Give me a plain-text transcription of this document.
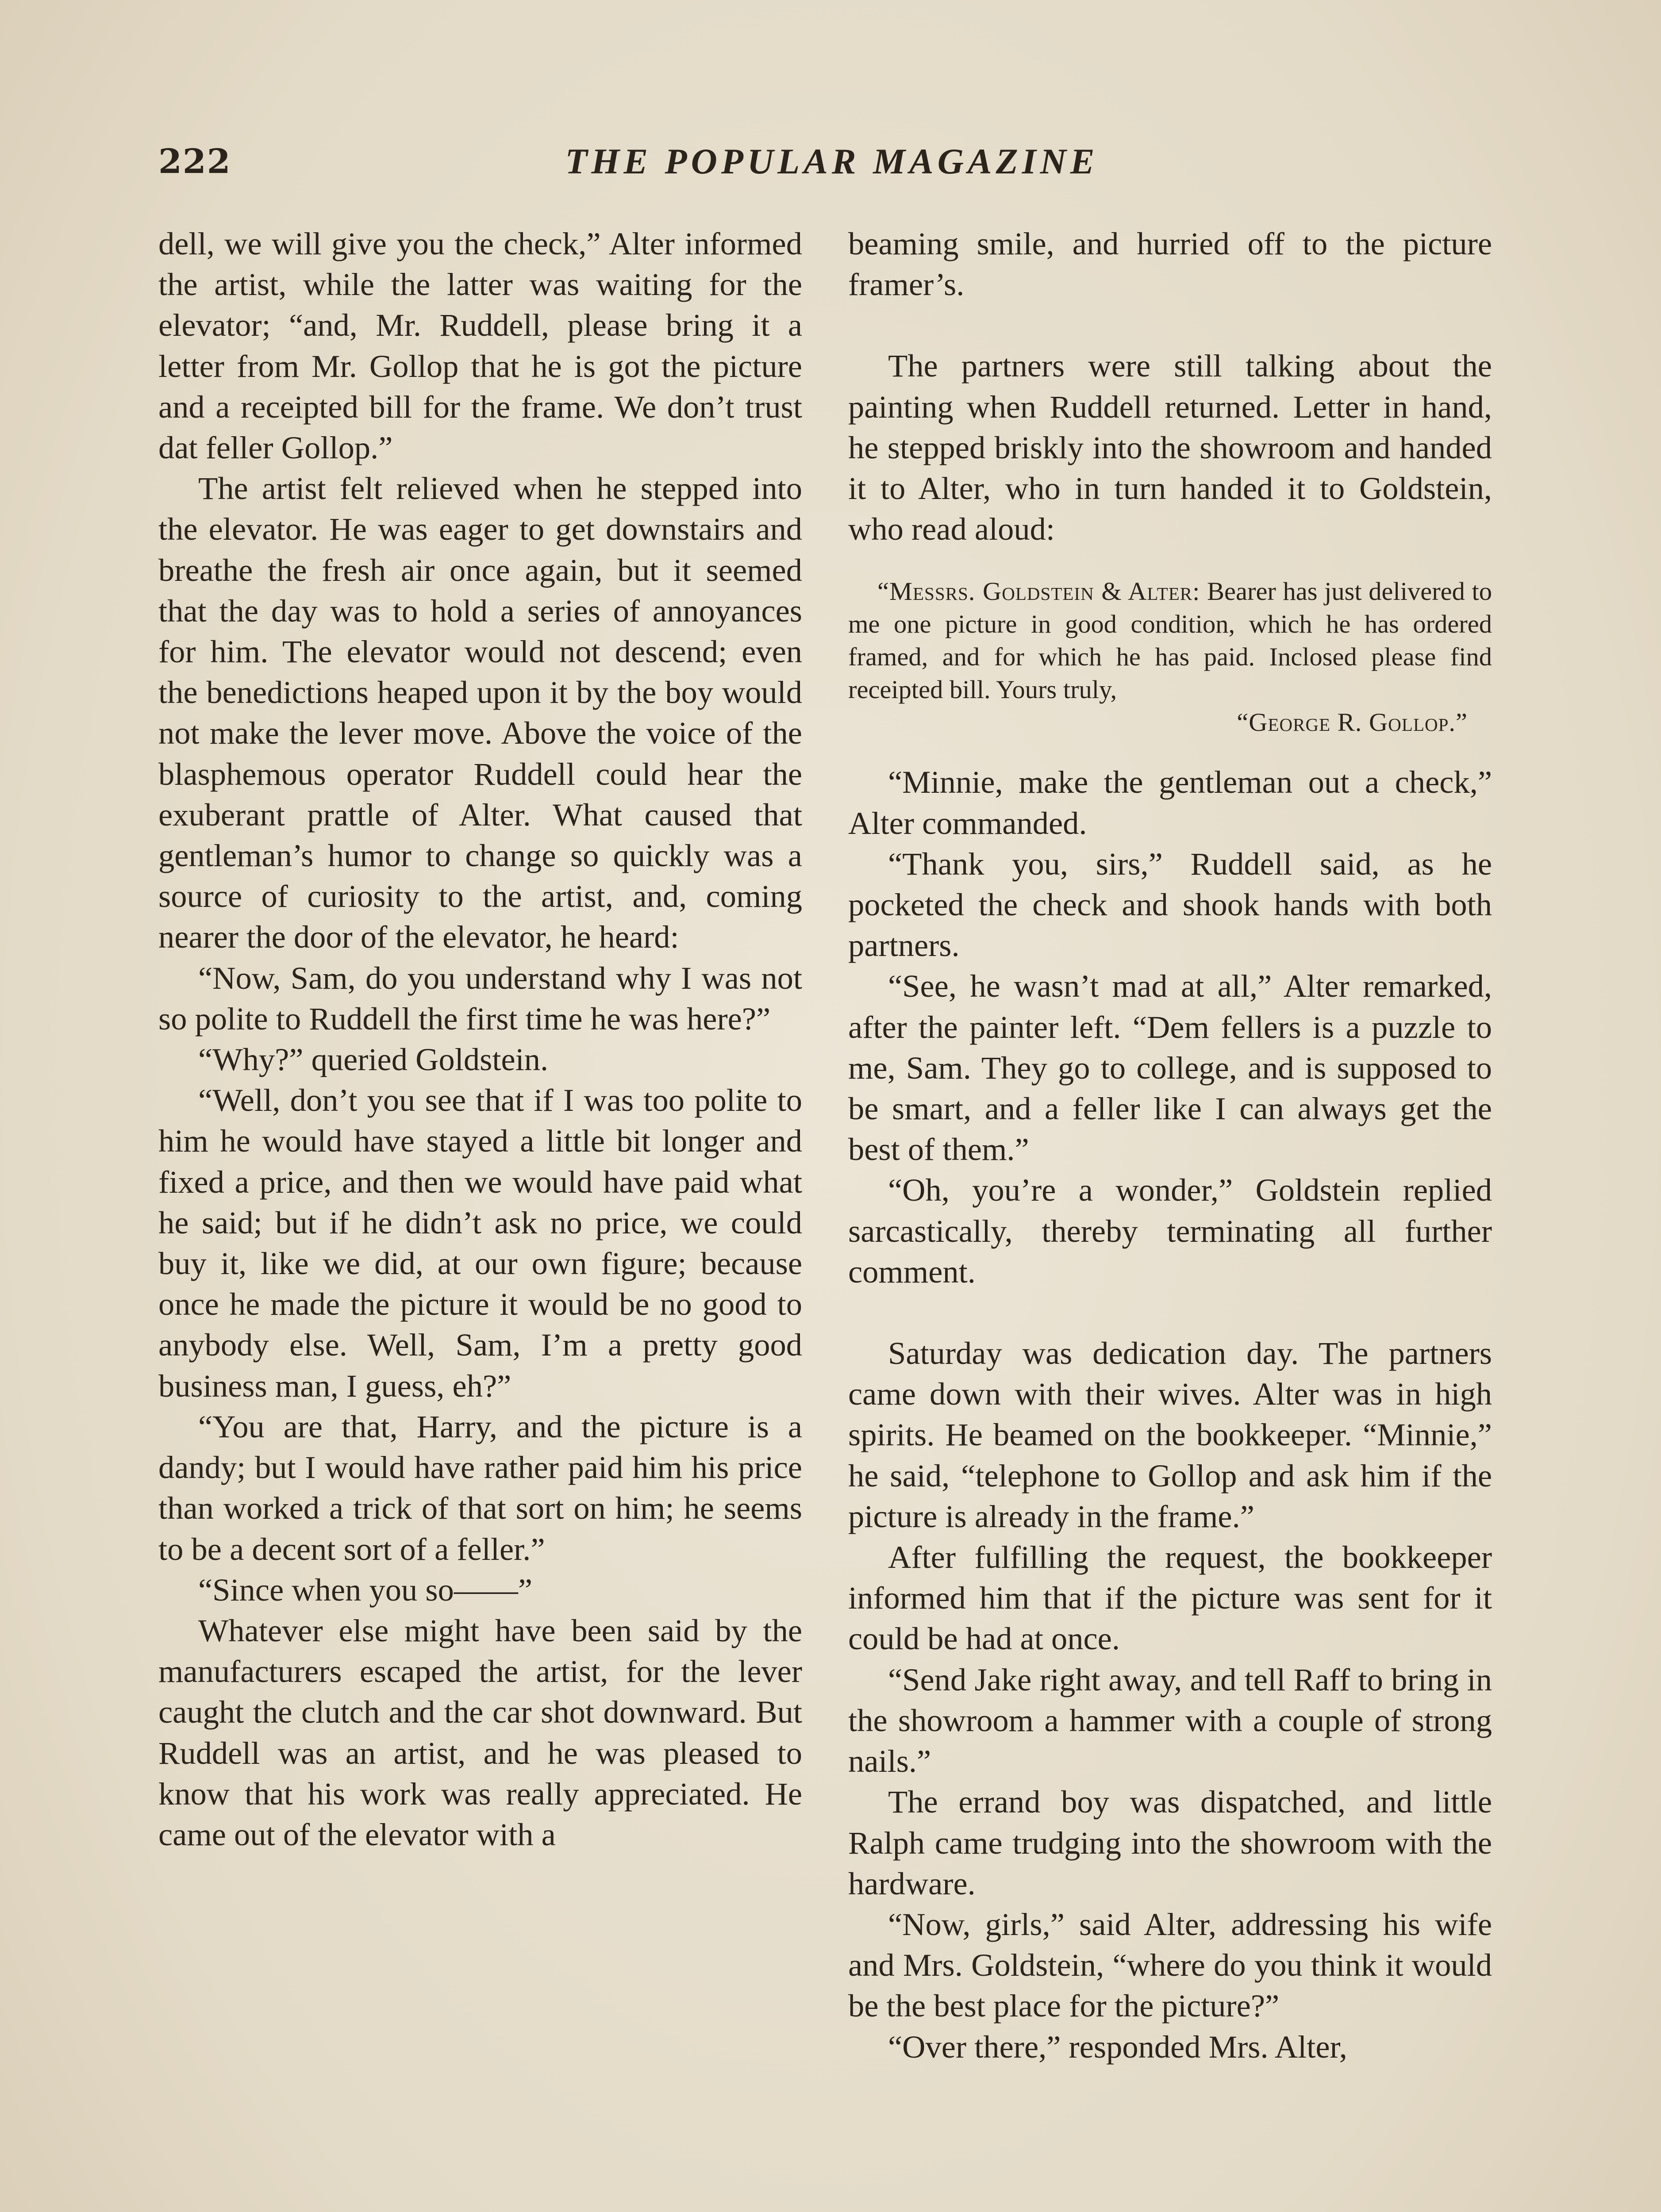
222	THE POPULAR MAGAZINE

dell, we will give you the check,” Alter informed the artist, while the latter was waiting for the elevator; “and, Mr. Ruddell, please bring it a letter from Mr. Gollop that he is got the picture and a receipted bill for the frame. We don’t trust dat feller Gollop.”

The artist felt relieved when he stepped into the elevator. He was eager to get downstairs and breathe the fresh air once again, but it seemed that the day was to hold a series of annoyances for him. The elevator would not descend; even the benedictions heaped upon it by the boy would not make the lever move. Above the voice of the blasphemous operator Ruddell could hear the exuberant prattle of Alter. What caused that gentleman’s humor to change so quickly was a source of curiosity to the artist, and, coming nearer the door of the elevator, he heard:

“Now, Sam, do you understand why I was not so polite to Ruddell the first time he was here?”

“Why?” queried Goldstein.

“Well, don’t you see that if I was too polite to him he would have stayed a little bit longer and fixed a price, and then we would have paid what he said; but if he didn’t ask no price, we could buy it, like we did, at our own figure; because once he made the picture it would be no good to anybody else. Well, Sam, I’m a pretty good business man, I guess, eh?”

“You are that, Harry, and the picture is a dandy; but I would have rather paid him his price than worked a trick of that sort on him; he seems to be a decent sort of a feller.”

“Since when you so——”

Whatever else might have been said by the manufacturers escaped the artist, for the lever caught the clutch and the car shot downward. But Ruddell was an artist, and he was pleased to know that his work was really appreciated. He came out of the elevator with a

beaming smile, and hurried off to the picture framer’s.

The partners were still talking about the painting when Ruddell returned. Letter in hand, he stepped briskly into the showroom and handed it to Alter, who in turn handed it to Goldstein, who read aloud:

“Messrs. Goldstein & Alter: Bearer has just delivered to me one picture in good condition, which he has ordered framed, and for which he has paid. Inclosed please find receipted bill. Yours truly,

“George R. Gollop.”

“Minnie, make the gentleman out a check,” Alter commanded.

“Thank you, sirs,” Ruddell said, as he pocketed the check and shook hands with both partners.

“See, he wasn’t mad at all,” Alter remarked, after the painter left. “Dem fellers is a puzzle to me, Sam. They go to college, and is supposed to be smart, and a feller like I can always get the best of them.”

“Oh, you’re a wonder,” Goldstein replied sarcastically, thereby terminating all further comment.

Saturday was dedication day. The partners came down with their wives. Alter was in high spirits. He beamed on the bookkeeper. “Minnie,” he said, “telephone to Gollop and ask him if the picture is already in the frame.”

After fulfilling the request, the bookkeeper informed him that if the picture was sent for it could be had at once.

“Send Jake right away, and tell Raff to bring in the showroom a hammer with a couple of strong nails.”

The errand boy was dispatched, and little Ralph came trudging into the showroom with the hardware.

“Now, girls,” said Alter, addressing his wife and Mrs. Goldstein, “where do you think it would be the best place for the picture?”

“Over there,” responded Mrs. Alter,
